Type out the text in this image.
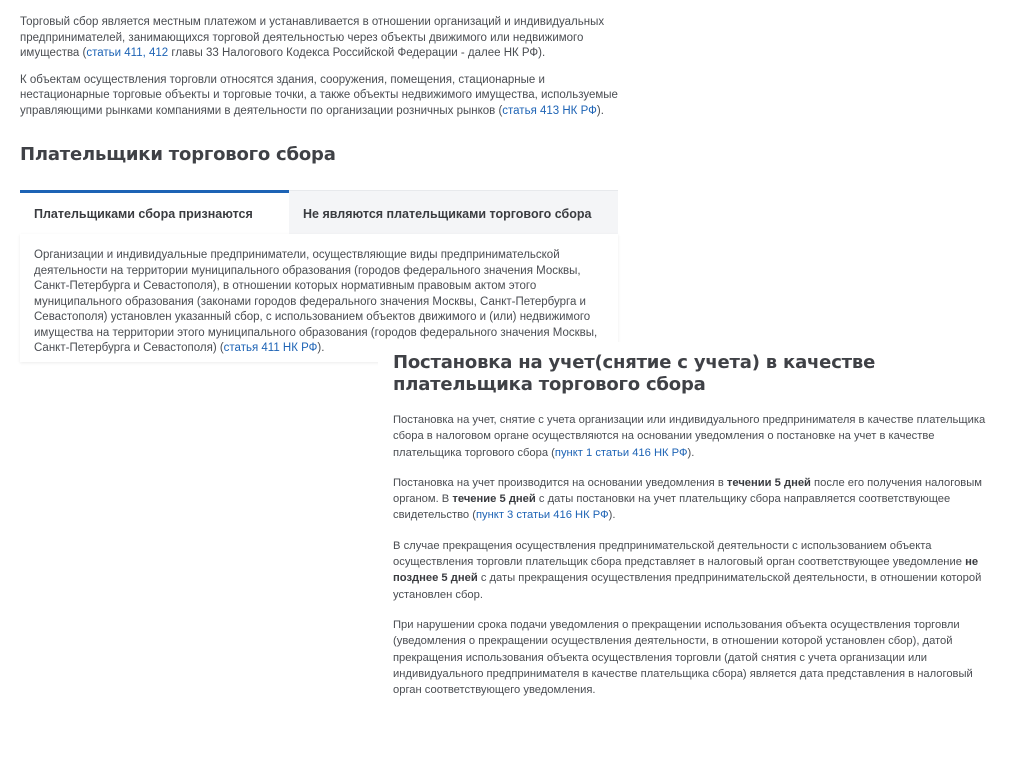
Торговый сбор является местным платежом и устанавливается в отношении организаций и индивидуальных предпринимателей, занимающихся торговой деятельностью через объекты движимого или недвижимого имущества (статьи 411, 412 главы 33 Налогового Кодекса Российской Федерации - далее НК РФ).

К объектам осуществления торговли относятся здания, сооружения, помещения, стационарные и нестационарные торговые объекты и торговые точки, а также объекты недвижимого имущества, используемые управляющими рынками компаниями в деятельности по организации розничных рынков (статья 413 НК РФ).

Плательщики торгового сбора
Плательщиками сбора признаются	Не являются плательщиками торгового сбора

Организации и индивидуальные предприниматели, осуществляющие виды предпринимательской деятельности на территории муниципального образования (городов федерального значения Москвы, Санкт-Петербурга и Севастополя), в отношении которых нормативным правовым актом этого муниципального образования (законами городов федерального значения Москвы, Санкт-Петербурга и Севастополя) установлен указанный сбор, с использованием объектов движимого и (или) недвижимого имущества на территории этого муниципального образования (городов федерального значения Москвы, Санкт-Петербурга и Севастополя) (статья 411 НК РФ).

Постановка на учет(снятие с учета) в качестве плательщика торгового сбора

Постановка на учет, снятие с учета организации или индивидуального предпринимателя в качестве плательщика сбора в налоговом органе осуществляются на основании уведомления о постановке на учет в качестве плательщика торгового сбора (пункт 1 статьи 416 НК РФ).

Постановка на учет производится на основании уведомления в течении 5 дней после его получения налоговым органом. В течение 5 дней с даты постановки на учет плательщику сбора направляется соответствующее свидетельство (пункт 3 статьи 416 НК РФ).

В случае прекращения осуществления предпринимательской деятельности с использованием объекта осуществления торговли плательщик сбора представляет в налоговый орган соответствующее уведомление не позднее 5 дней с даты прекращения осуществления предпринимательской деятельности, в отношении которой установлен сбор.

При нарушении срока подачи уведомления о прекращении использования объекта осуществления торговли (уведомления о прекращении осуществления деятельности, в отношении которой установлен сбор), датой прекращения использования объекта осуществления торговли (датой снятия с учета организации или индивидуального предпринимателя в качестве плательщика сбора) является дата представления в налоговый орган соответствующего уведомления.
